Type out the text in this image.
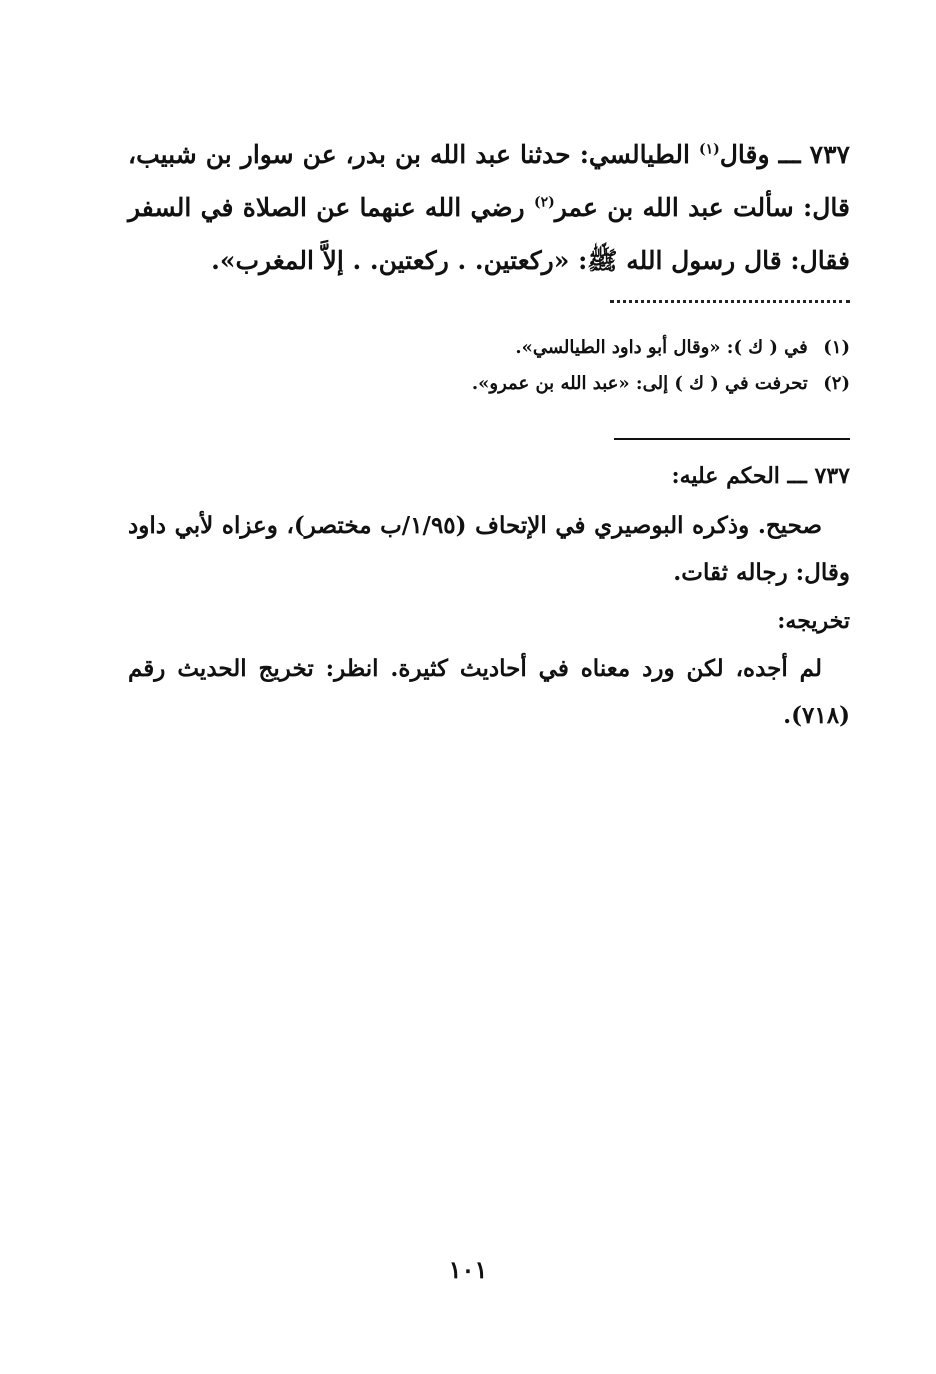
٧٣٧ ـــ وقال$^{(١)}$ الطيالسي: حدثنا عبد الله بن بدر، عن سوار بن شبيب، قال: سألت عبد الله بن عمر$^{(٢)}$ رضي الله عنهما عن الصلاة في السفر فقال: قال رسول الله ﷺ: «ركعتين. . ركعتين. . إلاَّ المغرب».
(١) في ( ك ): «وقال أبو داود الطيالسي».
(٢) تحرفت في ( ك ) إلى: «عبد الله بن عمرو».
٧٣٧ ـــ الحكم عليه:
صحيح. وذكره البوصيري في الإتحاف (١/٩٥/ب مختصر)، وعزاه لأبي داود وقال: رجاله ثقات.
تخريجه:
لم أجده، لكن ورد معناه في أحاديث كثيرة. انظر: تخريج الحديث رقم (٧١٨).
١٠١
